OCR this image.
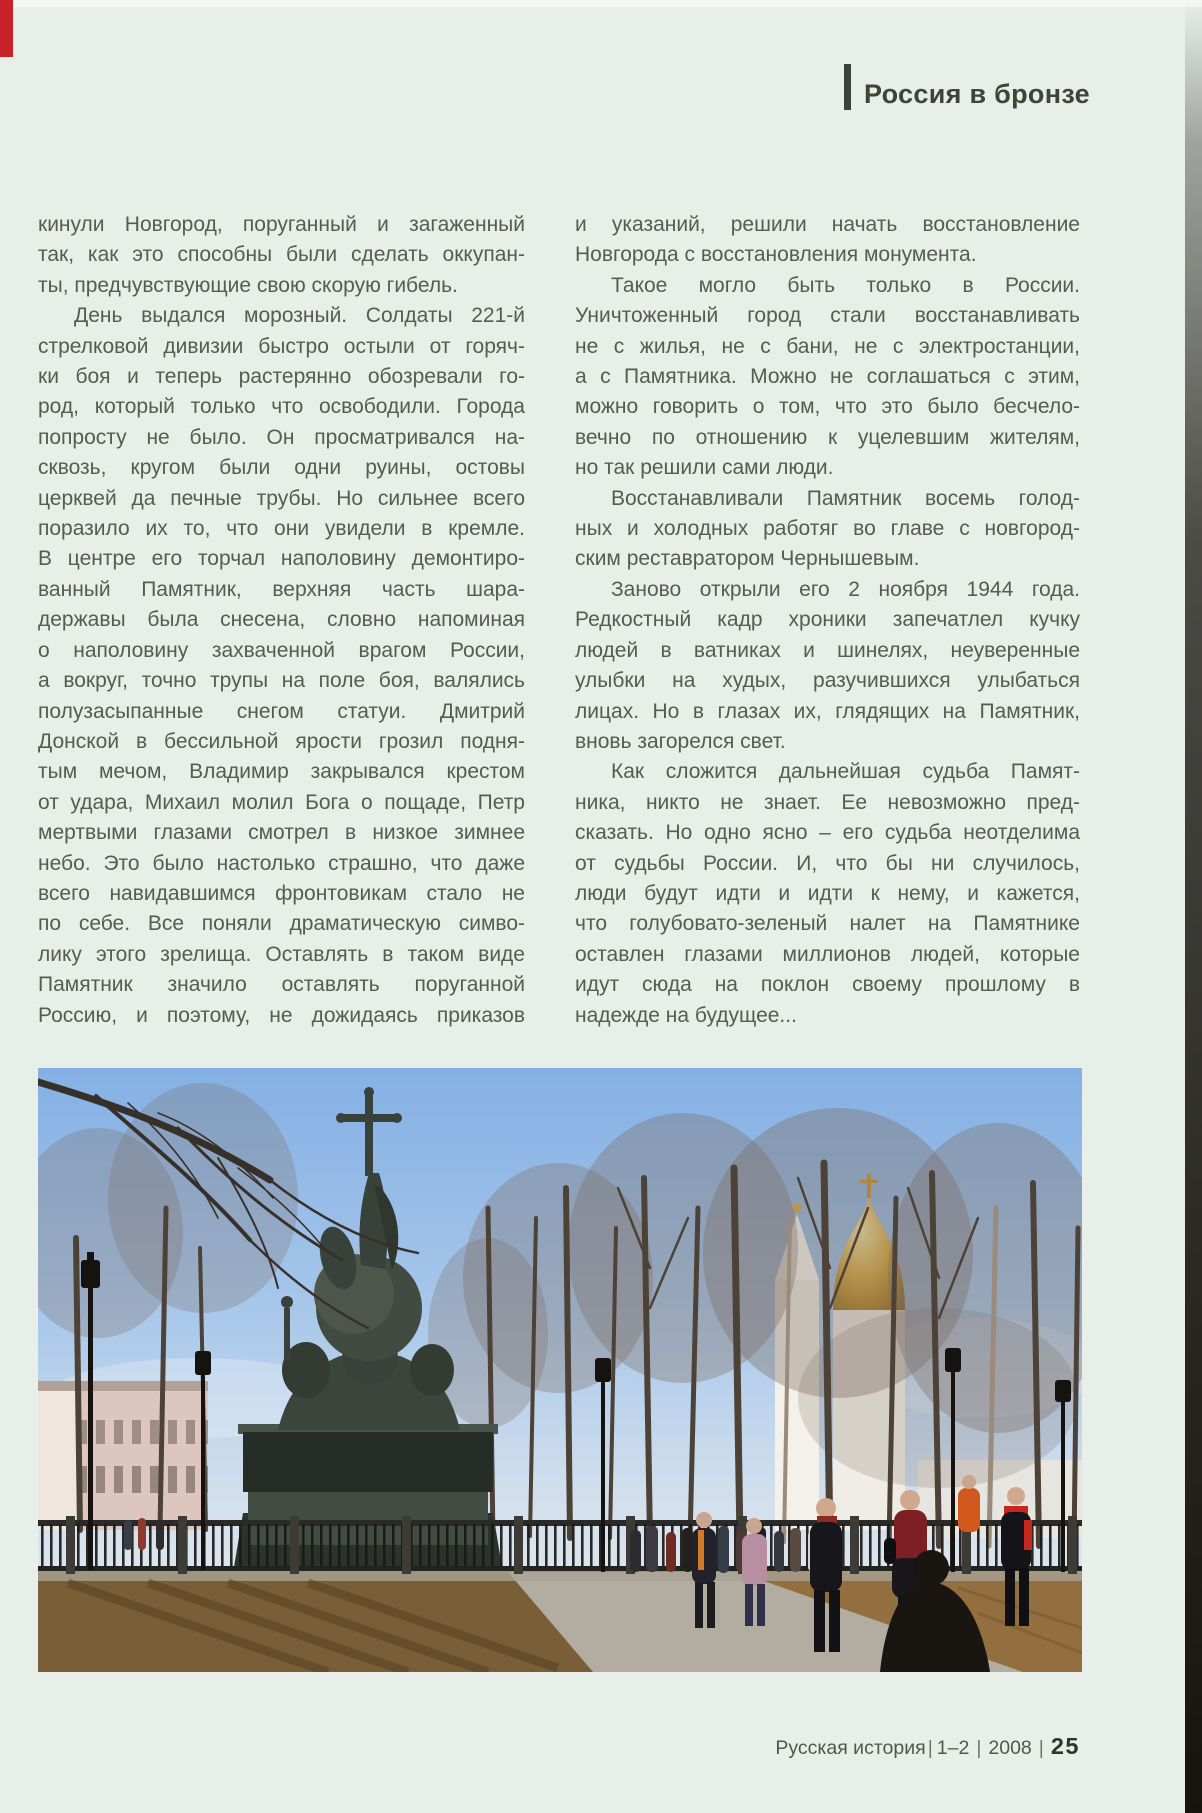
Россия в бронзе
кинули Новгород, поруганный и загаженный
так, как это способны были сделать оккупан-
ты, предчувствующие свою скорую гибель.
День выдался морозный. Солдаты 221-й
стрелковой дивизии быстро остыли от горяч-
ки боя и теперь растерянно обозревали го-
род, который только что освободили. Города
попросту не было. Он просматривался на-
сквозь, кругом были одни руины, остовы
церквей да печные трубы. Но сильнее всего
поразило их то, что они увидели в кремле.
В центре его торчал наполовину демонтиро-
ванный Памятник, верхняя часть шара-
державы была снесена, словно напоминая
о наполовину захваченной врагом России,
а вокруг, точно трупы на поле боя, валялись
полузасыпанные снегом статуи. Дмитрий
Донской в бессильной ярости грозил подня-
тым мечом, Владимир закрывался крестом
от удара, Михаил молил Бога о пощаде, Петр
мертвыми глазами смотрел в низкое зимнее
небо. Это было настолько страшно, что даже
всего навидавшимся фронтовикам стало не
по себе. Все поняли драматическую симво-
лику этого зрелища. Оставлять в таком виде
Памятник значило оставлять поруганной
Россию, и поэтому, не дожидаясь приказов
и указаний, решили начать восстановление
Новгорода с восстановления монумента.
Такое могло быть только в России.
Уничтоженный город стали восстанавливать
не с жилья, не с бани, не с электростанции,
а с Памятника. Можно не соглашаться с этим,
можно говорить о том, что это было бесчело-
вечно по отношению к уцелевшим жителям,
но так решили сами люди.
Восстанавливали Памятник восемь голод-
ных и холодных работяг во главе с новгород-
ским реставратором Чернышевым.
Заново открыли его 2 ноября 1944 года.
Редкостный кадр хроники запечатлел кучку
людей в ватниках и шинелях, неуверенные
улыбки на худых, разучившихся улыбаться
лицах. Но в глазах их, глядящих на Памятник,
вновь загорелся свет.
Как сложится дальнейшая судьба Памят-
ника, никто не знает. Ее невозможно пред-
сказать. Но одно ясно – его судьба неотделима
от судьбы России. И, что бы ни случилось,
люди будут идти и идти к нему, и кажется,
что голубовато-зеленый налет на Памятнике
оставлен глазами миллионов людей, которые
идут сюда на поклон своему прошлому в
надежде на будущее...
Русская история | 1–2 | 2008 | 25
